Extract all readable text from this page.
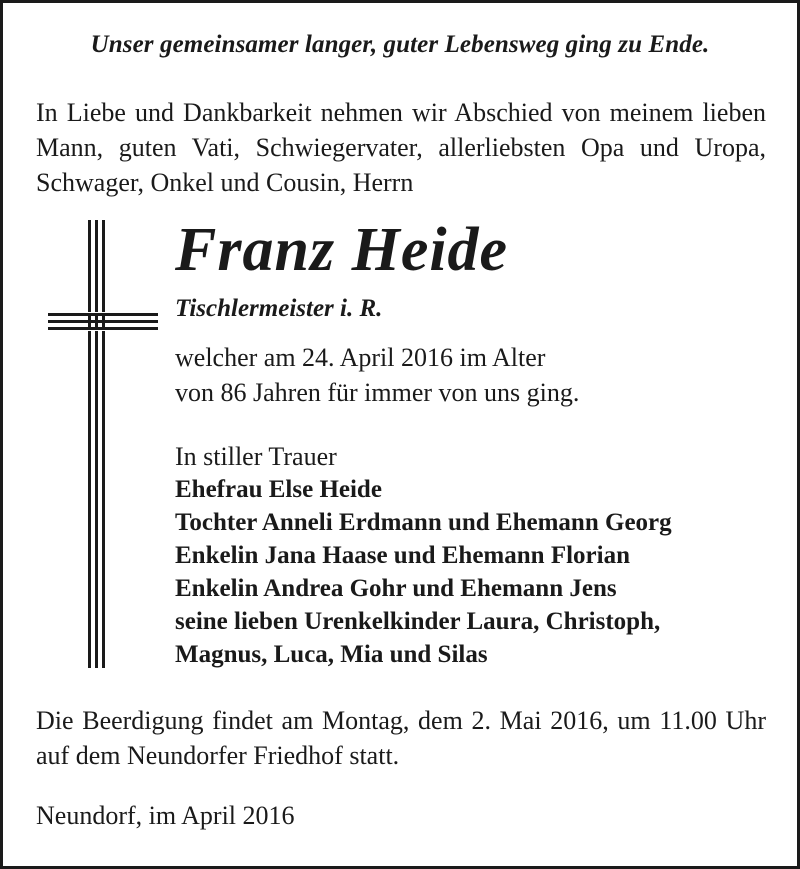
Unser gemeinsamer langer, guter Lebensweg ging zu Ende.
In Liebe und Dankbarkeit nehmen wir Abschied von meinem lieben Mann, guten Vati, Schwiegervater, allerliebsten Opa und Uropa, Schwager, Onkel und Cousin, Herrn
Franz Heide
Tischlermeister i. R.
welcher am 24. April 2016 im Alter
von 86 Jahren für immer von uns ging.
In stiller Trauer
Ehefrau Else Heide
Tochter Anneli Erdmann und Ehemann Georg
Enkelin Jana Haase und Ehemann Florian
Enkelin Andrea Gohr und Ehemann Jens
seine lieben Urenkelkinder Laura, Christoph,
Magnus, Luca, Mia und Silas
Die Beerdigung findet am Montag, dem 2. Mai 2016, um 11.00 Uhr auf dem Neundorfer Friedhof statt.
Neundorf, im April 2016
